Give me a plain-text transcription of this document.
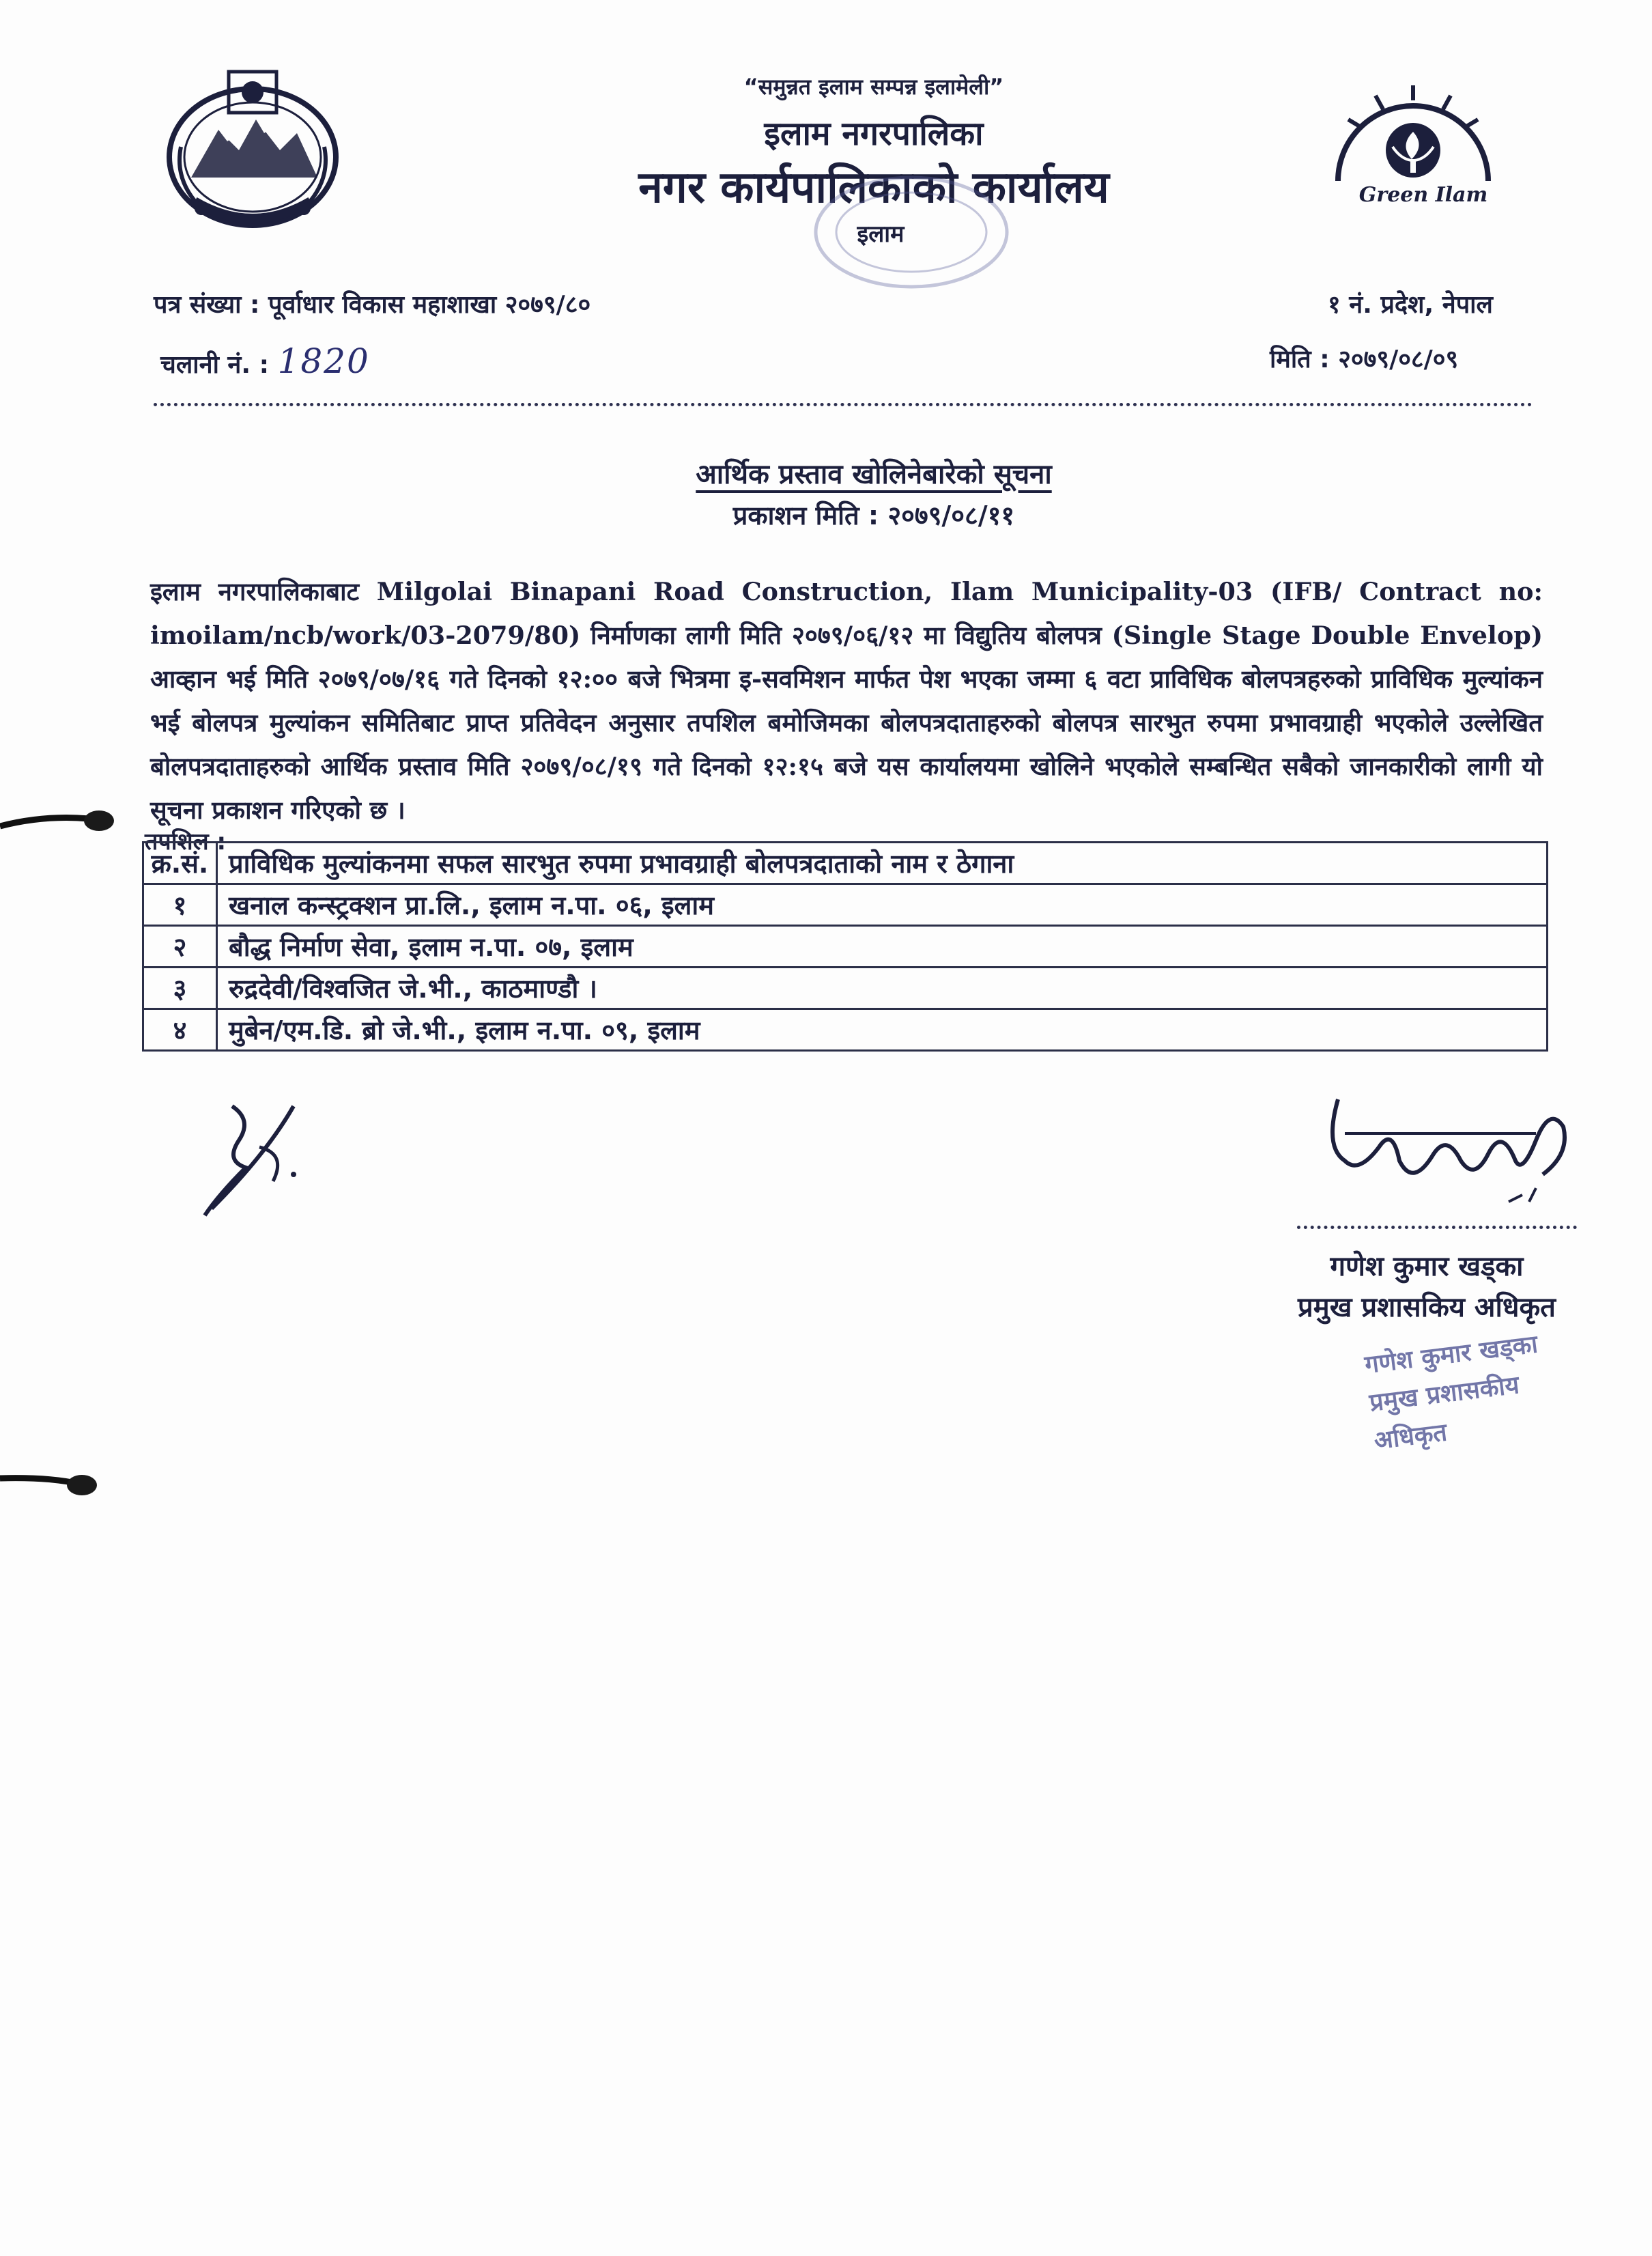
“समुन्नत इलाम सम्पन्न इलामेली”
इलाम नगरपालिका
नगर कार्यपालिकाको कार्यालय
इलाम
Green Ilam
पत्र संख्या : पूर्वाधार विकास महाशाखा २०७९/८०	१ नं. प्रदेश, नेपाल
चलानी नं. : 1820	मिति : २०७९/०८/०९
आर्थिक प्रस्ताव खोलिनेबारेको सूचना
प्रकाशन मिति : २०७९/०८/११
इलाम नगरपालिकाबाट Milgolai Binapani Road Construction, Ilam Municipality-03 (IFB/ Contract no: imoilam/ncb/work/03-2079/80) निर्माणका लागी मिति २०७९/०६/१२ मा विद्युतिय बोलपत्र (Single Stage Double Envelop) आव्हान भई मिति २०७९/०७/१६ गते दिनको १२:०० बजे भित्रमा इ-सवमिशन मार्फत पेश भएका जम्मा ६ वटा प्राविधिक बोलपत्रहरुको प्राविधिक मुल्यांकन भई बोलपत्र मुल्यांकन समितिबाट प्राप्त प्रतिवेदन अनुसार तपशिल बमोजिमका बोलपत्रदाताहरुको बोलपत्र सारभुत रुपमा प्रभावग्राही भएकोले उल्लेखित बोलपत्रदाताहरुको आर्थिक प्रस्ताव मिति २०७९/०८/१९ गते दिनको १२:१५ बजे यस कार्यालयमा खोलिने भएकोले सम्बन्धित सबैको जानकारीको लागी यो सूचना प्रकाशन गरिएको छ ।
तपशिल :
क्र.सं.	प्राविधिक मुल्यांकनमा सफल सारभुत रुपमा प्रभावग्राही बोलपत्रदाताको नाम र ठेगाना
१	खनाल कन्स्ट्रक्शन प्रा.लि., इलाम न.पा. ०६, इलाम
२	बौद्ध निर्माण सेवा, इलाम न.पा. ०७, इलाम
३	रुद्रदेवी/विश्वजित जे.भी., काठमाण्डौ ।
४	मुबेन/एम.डि. ब्रो जे.भी., इलाम न.पा. ०९, इलाम
गणेश कुमार खड्का
प्रमुख प्रशासकिय अधिकृत
गणेश कुमार खड्का
प्रमुख प्रशासकीय अधिकृत
